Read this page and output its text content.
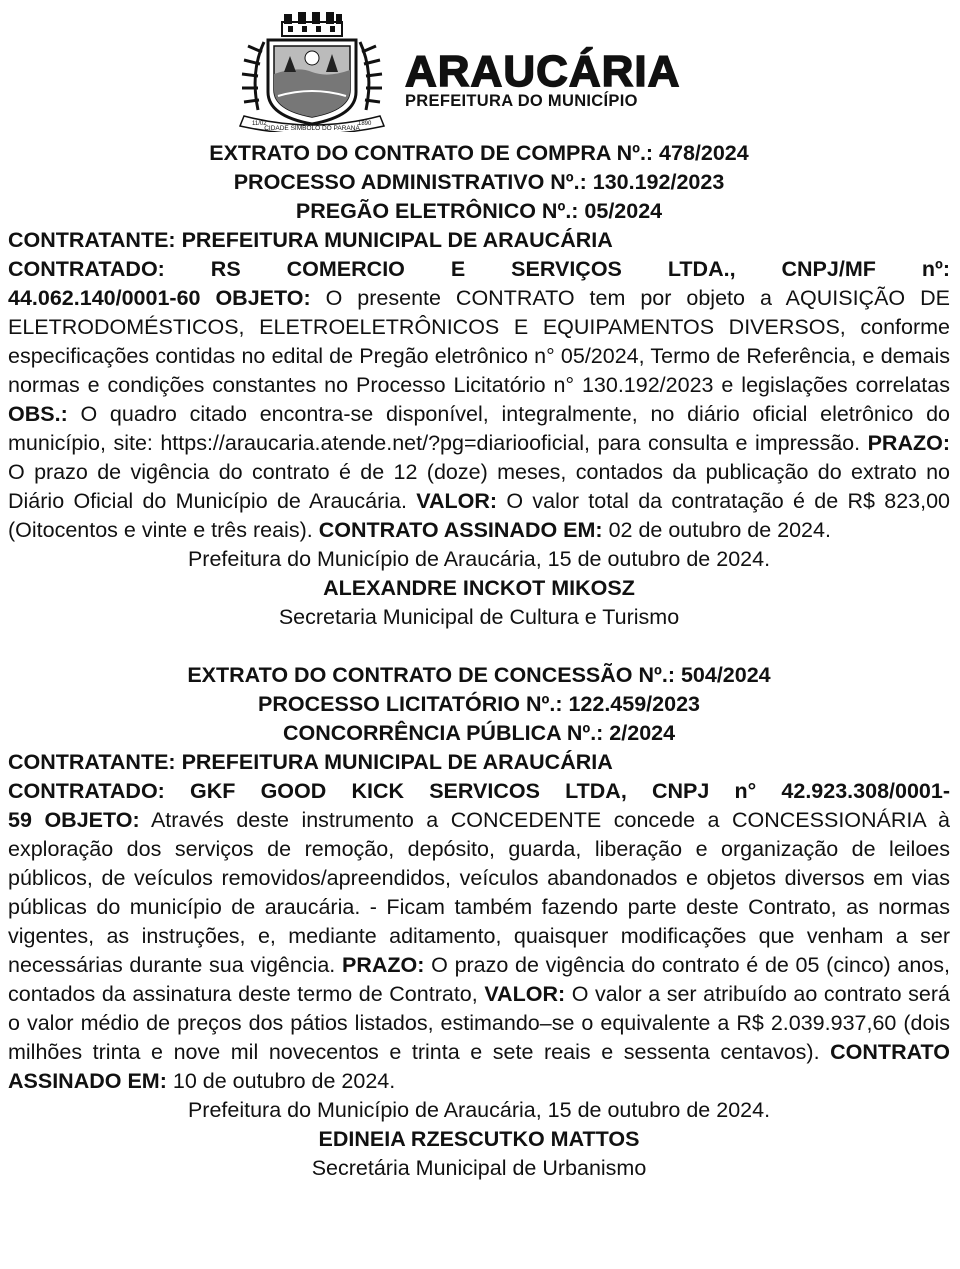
11/02
CIDADE SÍMBOLO DO PARANÁ
1890
ARAUCÁRIA
PREFEITURA DO MUNICÍPIO

EXTRATO DO CONTRATO DE COMPRA Nº.: 478/2024

PROCESSO ADMINISTRATIVO Nº.: 130.192/2023

PREGÃO ELETRÔNICO Nº.: 05/2024

CONTRATANTE: PREFEITURA MUNICIPAL DE ARAUCÁRIA

CONTRATADO: RS COMERCIO E SERVIÇOS LTDA., CNPJ/MF nº:

44.062.140/0001-60 OBJETO: O presente CONTRATO tem por objeto a AQUISIÇÃO DE ELETRODOMÉSTICOS, ELETROELETRÔNICOS E EQUIPAMENTOS DIVERSOS, conforme especificações contidas no edital de Pregão eletrônico n° 05/2024, Termo de Referência, e demais normas e condições constantes no Processo Licitatório n° 130.192/2023 e legislações correlatas OBS.: O quadro citado encontra-se disponível, integralmente, no diário oficial eletrônico do município, site: https://araucaria.atende.net/?pg=diariooficial, para consulta e impressão. PRAZO: O prazo de vigência do contrato é de 12 (doze) meses, contados da publicação do extrato no Diário Oficial do Município de Araucária. VALOR: O valor total da contratação é de R$ 823,00 (Oitocentos e vinte e três reais). CONTRATO ASSINADO EM: 02 de outubro de 2024.

Prefeitura do Município de Araucária, 15 de outubro de 2024.

ALEXANDRE INCKOT MIKOSZ

Secretaria Municipal de Cultura e Turismo

EXTRATO DO CONTRATO DE CONCESSÃO Nº.: 504/2024

PROCESSO LICITATÓRIO Nº.: 122.459/2023

CONCORRÊNCIA PÚBLICA Nº.: 2/2024

CONTRATANTE: PREFEITURA MUNICIPAL DE ARAUCÁRIA

CONTRATADO: GKF GOOD KICK SERVICOS LTDA, CNPJ n° 42.923.308/0001-

59 OBJETO: Através deste instrumento a CONCEDENTE concede a CONCESSIONÁRIA à exploração dos serviços de remoção, depósito, guarda, liberação e organização de leiloes públicos, de veículos removidos/apreendidos, veículos abandonados e objetos diversos em vias públicas do município de araucária. - Ficam também fazendo parte deste Contrato, as normas vigentes, as instruções, e, mediante aditamento, quaisquer modificações que venham a ser necessárias durante sua vigência. PRAZO: O prazo de vigência do contrato é de 05 (cinco) anos, contados da assinatura deste termo de Contrato, VALOR: O valor a ser atribuído ao contrato será o valor médio de preços dos pátios listados, estimando–se o equivalente a R$ 2.039.937,60 (dois milhões trinta e nove mil novecentos e trinta e sete reais e sessenta centavos). CONTRATO ASSINADO EM: 10 de outubro de 2024.

Prefeitura do Município de Araucária, 15 de outubro de 2024.

EDINEIA RZESCUTKO MATTOS

Secretária Municipal de Urbanismo
